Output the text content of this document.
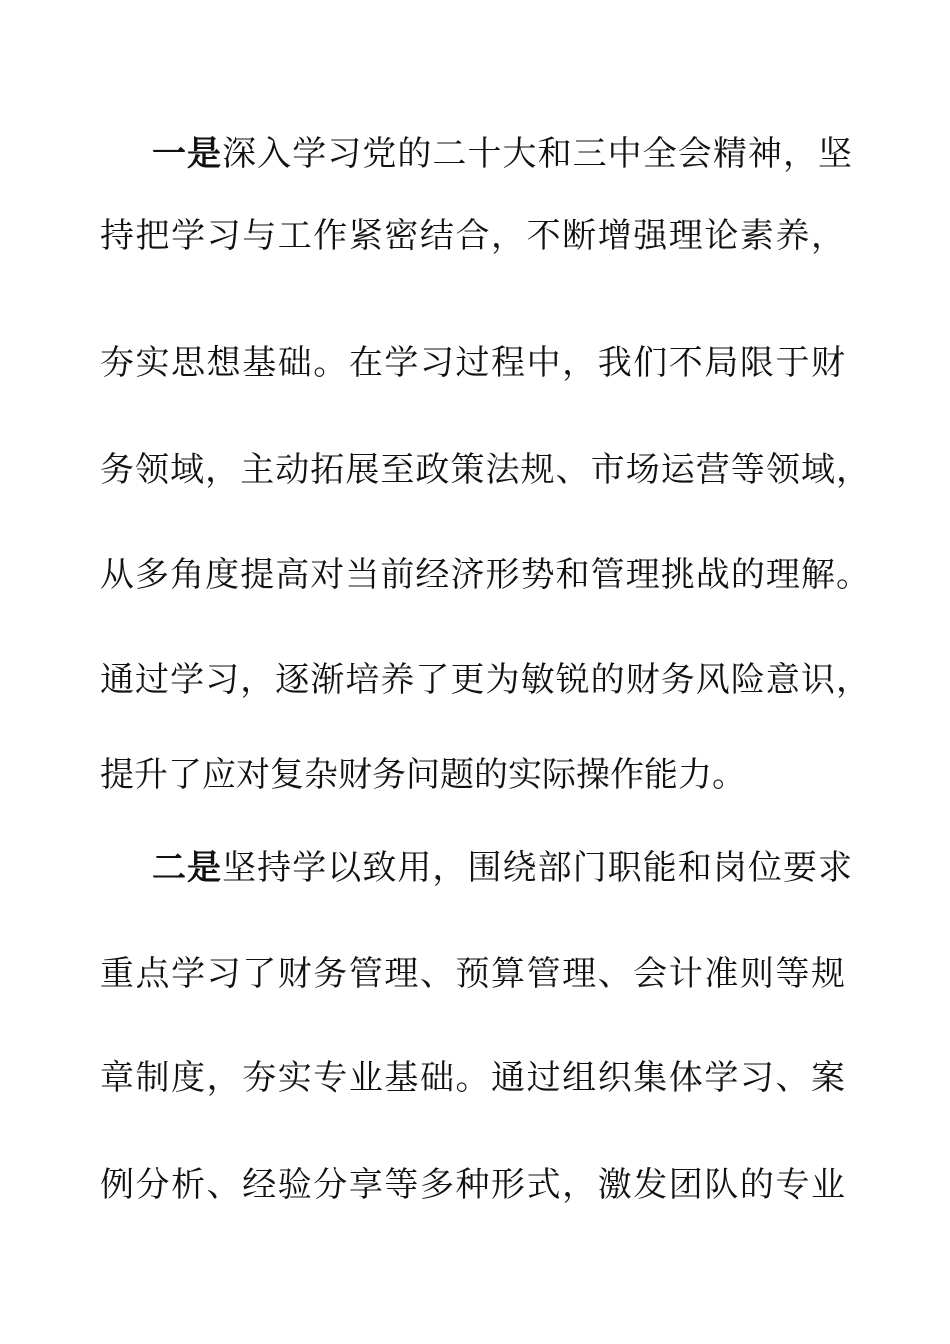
一是深入学习党的二十大和三中全会精神，坚
持把学习与工作紧密结合，不断增强理论素养，
夯实思想基础。在学习过程中，我们不局限于财
务领域，主动拓展至政策法规、市场运营等领域，
从多角度提高对当前经济形势和管理挑战的理解。
通过学习，逐渐培养了更为敏锐的财务风险意识，
提升了应对复杂财务问题的实际操作能力。
二是坚持学以致用，围绕部门职能和岗位要求
重点学习了财务管理、预算管理、会计准则等规
章制度，夯实专业基础。通过组织集体学习、案
例分析、经验分享等多种形式，激发团队的专业
